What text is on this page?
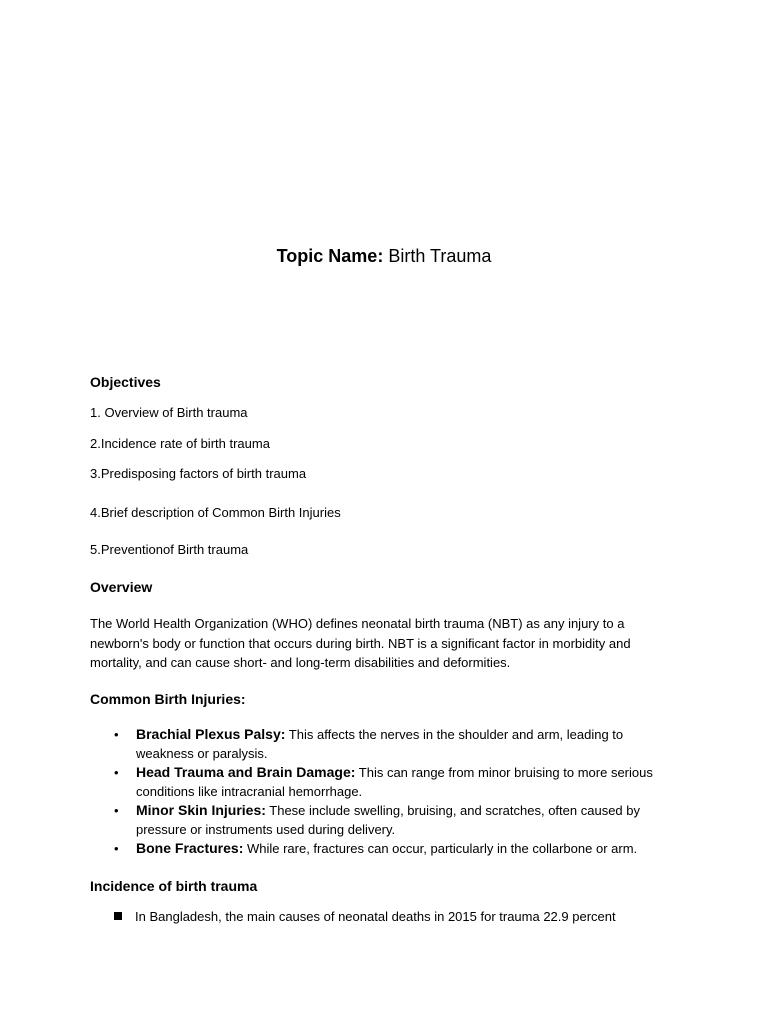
Topic Name: Birth Trauma
Objectives
1. Overview of Birth trauma
2.Incidence rate of birth trauma
3.Predisposing factors of birth trauma
4.Brief description of Common Birth Injuries
5.Preventionof Birth trauma
Overview
The World Health Organization (WHO) defines neonatal birth trauma (NBT) as any injury to a
newborn's body or function that occurs during birth. NBT is a significant factor in morbidity and
mortality, and can cause short- and long-term disabilities and deformities.
Common Birth Injuries:
• Brachial Plexus Palsy: This affects the nerves in the shoulder and arm, leading to
weakness or paralysis.
• Head Trauma and Brain Damage: This can range from minor bruising to more serious
conditions like intracranial hemorrhage.
• Minor Skin Injuries: These include swelling, bruising, and scratches, often caused by
pressure or instruments used during delivery.
• Bone Fractures: While rare, fractures can occur, particularly in the collarbone or arm.
Incidence of birth trauma
In Bangladesh, the main causes of neonatal deaths in 2015 for trauma 22.9 percent
